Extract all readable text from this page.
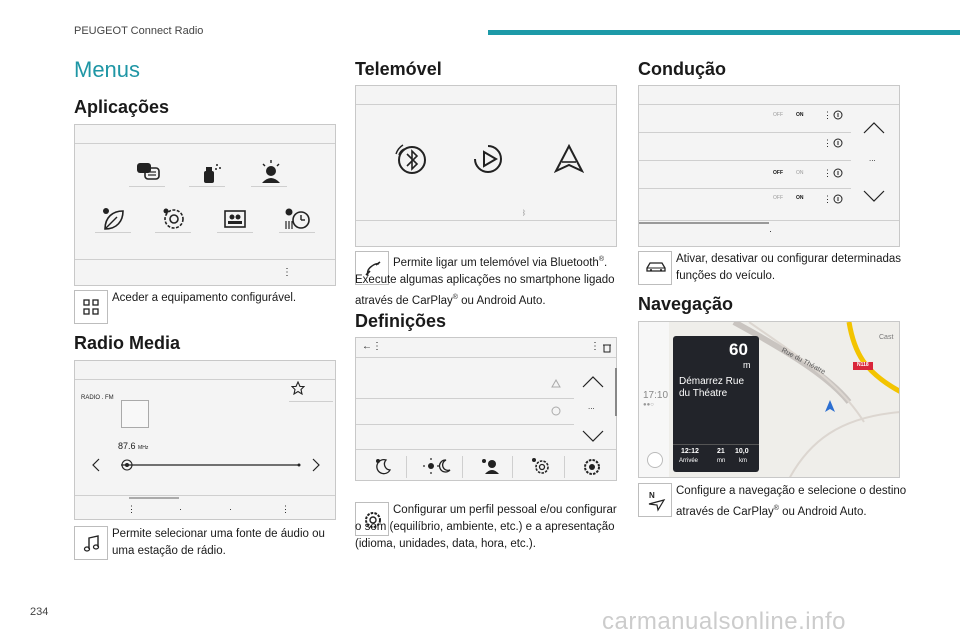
PEUGEOT Connect Radio
Menus
Aplicações
⋮
Aceder a equipamento configurável.
Radio Media
RADIO . FM
87.6 MHz
⋮	·	·	⋮
Permite selecionar uma fonte de áudio ou uma estação de rádio.
Telemóvel
ᛒ
Permite ligar um telemóvel via Bluetooth®. Execute algumas aplicações no smartphone ligado através de CarPlay® ou Android Auto.
Definições
←⋮	⋮
...
Configurar um perfil pessoal e/ou configurar o som (equilíbrio, ambiente, etc.) e a apresentação (idioma, unidades, data, hora, etc.).
Condução
OFF	ON ⋮
⋮
OFF	ON ⋮
OFF	ON ⋮
...
·
Ativar, desativar ou configurar determinadas funções do veículo.
Navegação
N118
Rue du Théatre
Cast
17:10
●●○
60
m
Démarrez Rue du Théatre
12:12
Arrivée
21
mn
10,0
km
N Configure a navegação e selecione o destino através de CarPlay® ou Android Auto.
234	carmanualsonline.info
